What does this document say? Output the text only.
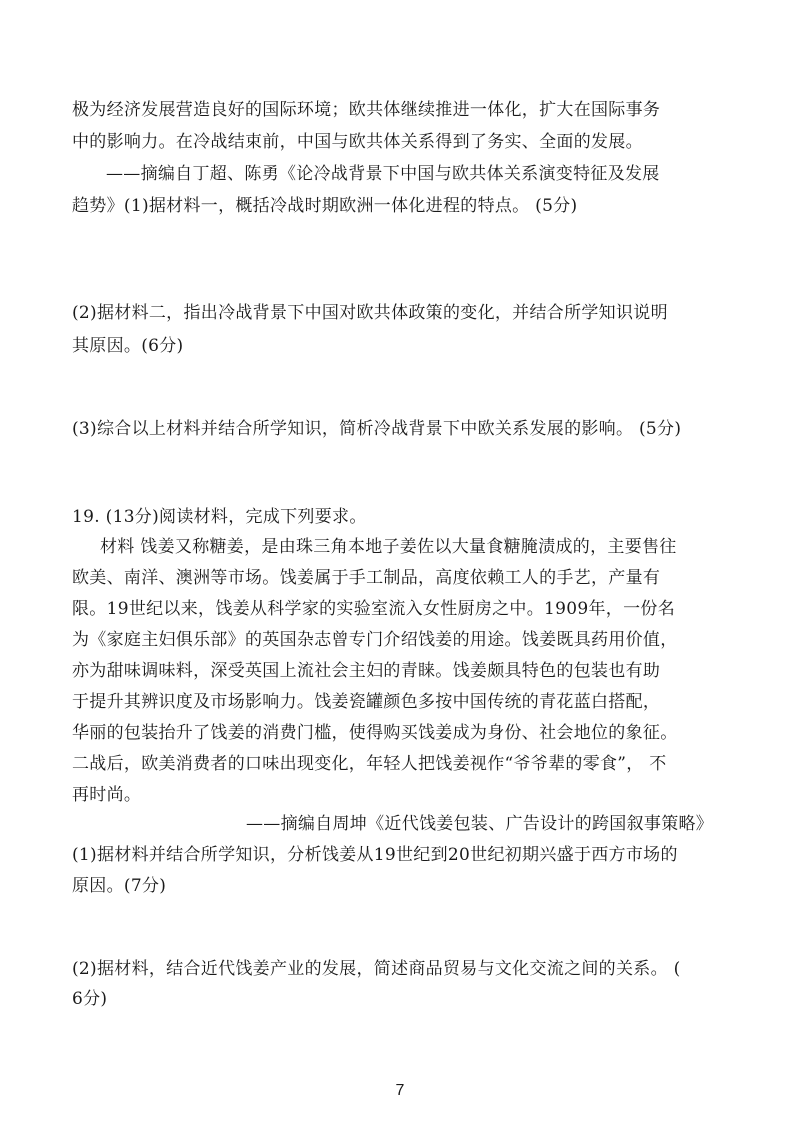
极为经济发展营造良好的国际环境；欧共体继续推进一体化，扩大在国际事务
中的影响力。在冷战结束前，中国与欧共体关系得到了务实、全面的发展。
——摘编自丁超、陈勇《论冷战背景下中国与欧共体关系演变特征及发展
趋势》(1)据材料一，概括冷战时期欧洲一体化进程的特点。 (5分)
(2)据材料二，指出冷战背景下中国对欧共体政策的变化，并结合所学知识说明
其原因。(6分)
(3)综合以上材料并结合所学知识，简析冷战背景下中欧关系发展的影响。 (5分)
19. (13分)阅读材料，完成下列要求。
材料 饯姜又称糖姜，是由珠三角本地子姜佐以大量食糖腌渍成的，主要售往
欧美、南洋、澳洲等市场。饯姜属于手工制品，高度依赖工人的手艺，产量有
限。19世纪以来，饯姜从科学家的实验室流入女性厨房之中。1909年，一份名
为《家庭主妇俱乐部》的英国杂志曾专门介绍饯姜的用途。饯姜既具药用价值，
亦为甜味调味料，深受英国上流社会主妇的青睐。饯姜颇具特色的包装也有助
于提升其辨识度及市场影响力。饯姜瓷罐颜色多按中国传统的青花蓝白搭配，
华丽的包装抬升了饯姜的消费门槛，使得购买饯姜成为身份、社会地位的象征。
二战后，欧美消费者的口味出现变化，年轻人把饯姜视作“爷爷辈的零食”， 不
再时尚。
——摘编自周坤《近代饯姜包装、广告设计的跨国叙事策略》
(1)据材料并结合所学知识，分析饯姜从19世纪到20世纪初期兴盛于西方市场的
原因。(7分)
(2)据材料，结合近代饯姜产业的发展，简述商品贸易与文化交流之间的关系。 (
6分)
7
